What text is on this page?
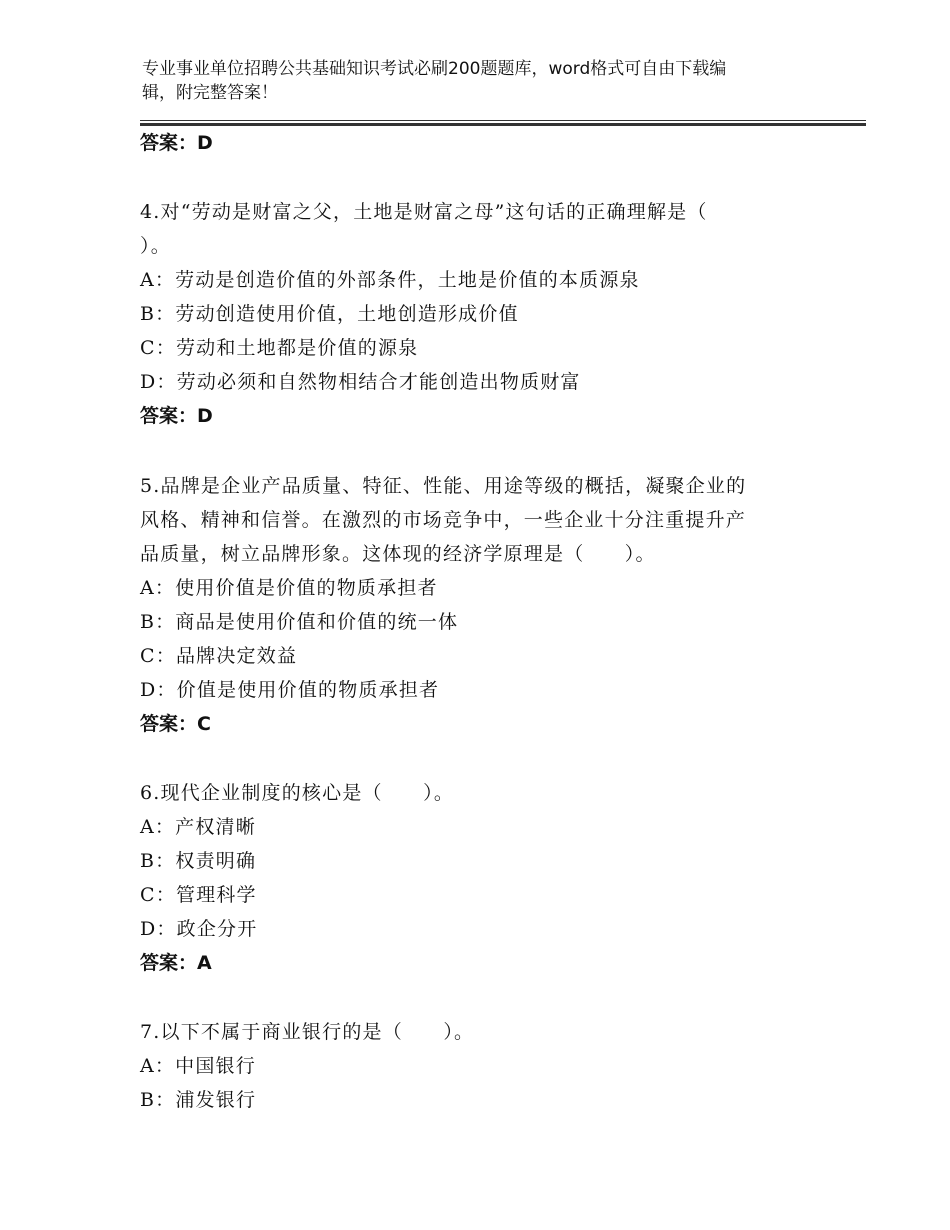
专业事业单位招聘公共基础知识考试必刷200题题库，word格式可自由下载编
辑，附完整答案！
答案：D
4.对“劳动是财富之父，土地是财富之母”这句话的正确理解是（
）。
A：劳动是创造价值的外部条件，土地是价值的本质源泉
B：劳动创造使用价值，土地创造形成价值
C：劳动和土地都是价值的源泉
D：劳动必须和自然物相结合才能创造出物质财富
答案：D
5.品牌是企业产品质量、特征、性能、用途等级的概括，凝聚企业的
风格、精神和信誉。在激烈的市场竞争中，一些企业十分注重提升产
品质量，树立品牌形象。这体现的经济学原理是（　　）。
A：使用价值是价值的物质承担者
B：商品是使用价值和价值的统一体
C：品牌决定效益
D：价值是使用价值的物质承担者
答案：C
6.现代企业制度的核心是（　　）。
A：产权清晰
B：权责明确
C：管理科学
D：政企分开
答案：A
7.以下不属于商业银行的是（　　）。
A：中国银行
B：浦发银行
